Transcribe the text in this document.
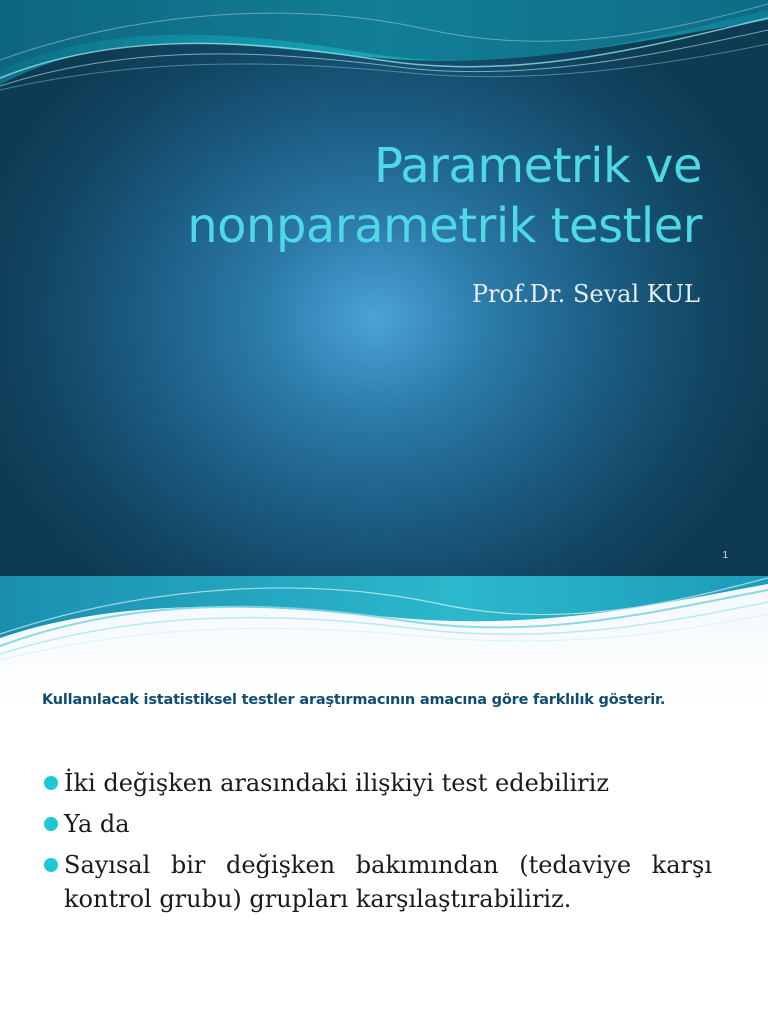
Parametrik ve
nonparametrik testler
Prof.Dr. Seval KUL
1
Kullanılacak istatistiksel testler araştırmacının amacına göre farklılık gösterir.
İki değişken arasındaki ilişkiyi test edebiliriz
Ya da
Sayısal bir değişken bakımından (tedaviye karşı kontrol grubu) grupları karşılaştırabiliriz.
